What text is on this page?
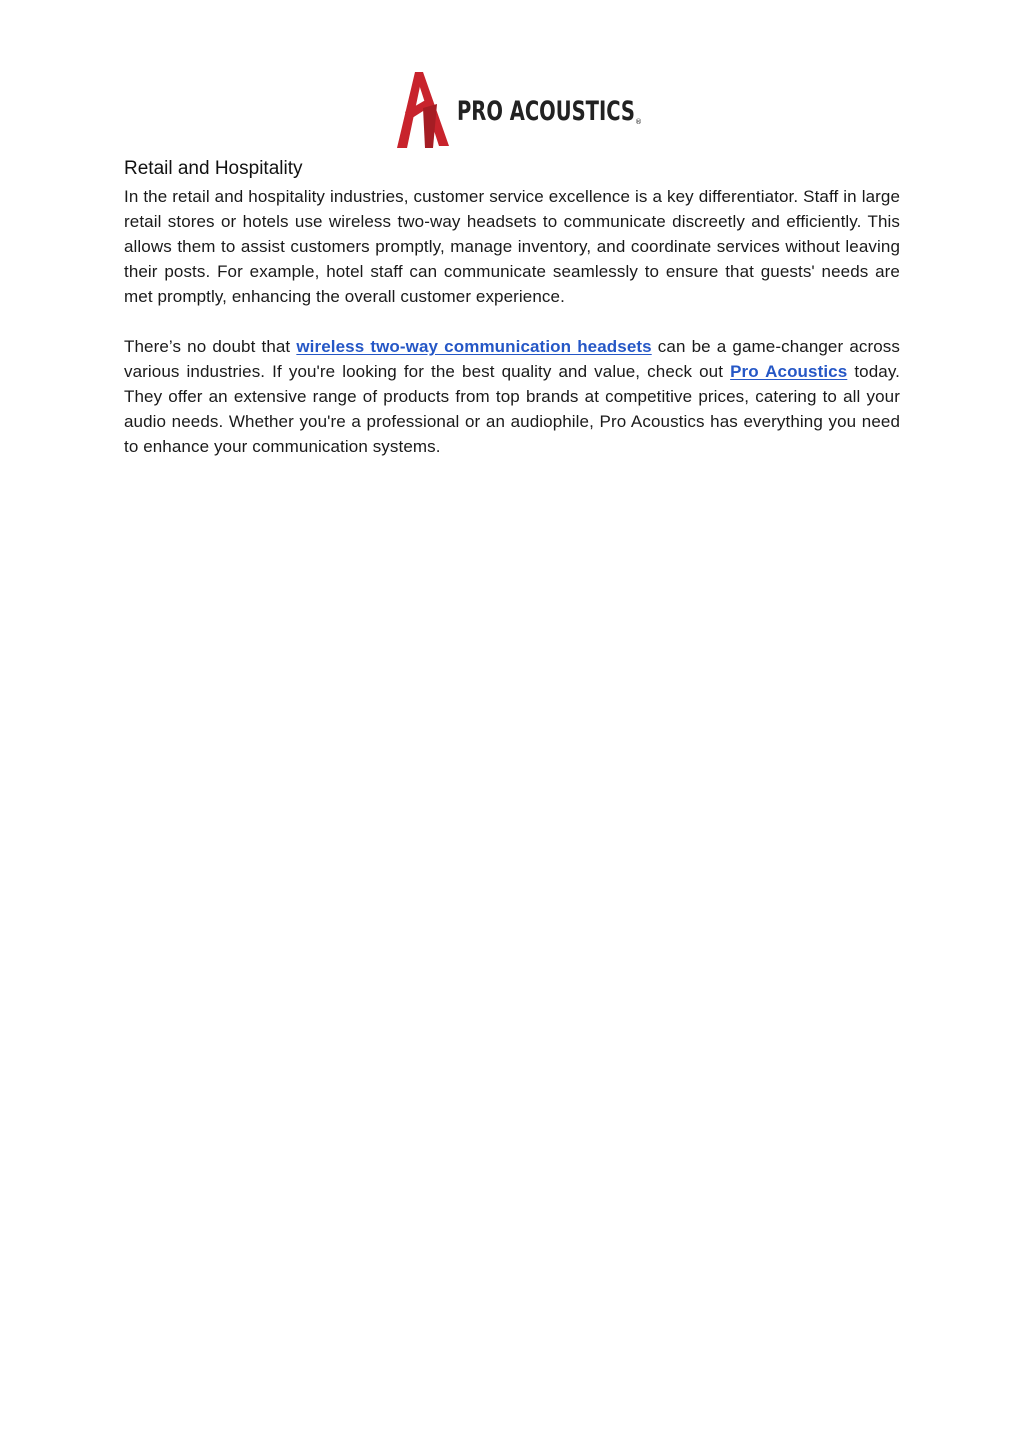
PRO ACOUSTICS ®
Retail and Hospitality

In the retail and hospitality industries, customer service excellence is a key differentiator. Staff in large retail stores or hotels use wireless two-way headsets to communicate discreetly and efficiently. This allows them to assist customers promptly, manage inventory, and coordinate services without leaving their posts. For example, hotel staff can communicate seamlessly to ensure that guests' needs are met promptly, enhancing the overall customer experience.

There’s no doubt that wireless two-way communication headsets can be a game-changer across various industries. If you're looking for the best quality and value, check out Pro Acoustics today. They offer an extensive range of products from top brands at competitive prices, catering to all your audio needs. Whether you're a professional or an audiophile, Pro Acoustics has everything you need to enhance your communication systems.
